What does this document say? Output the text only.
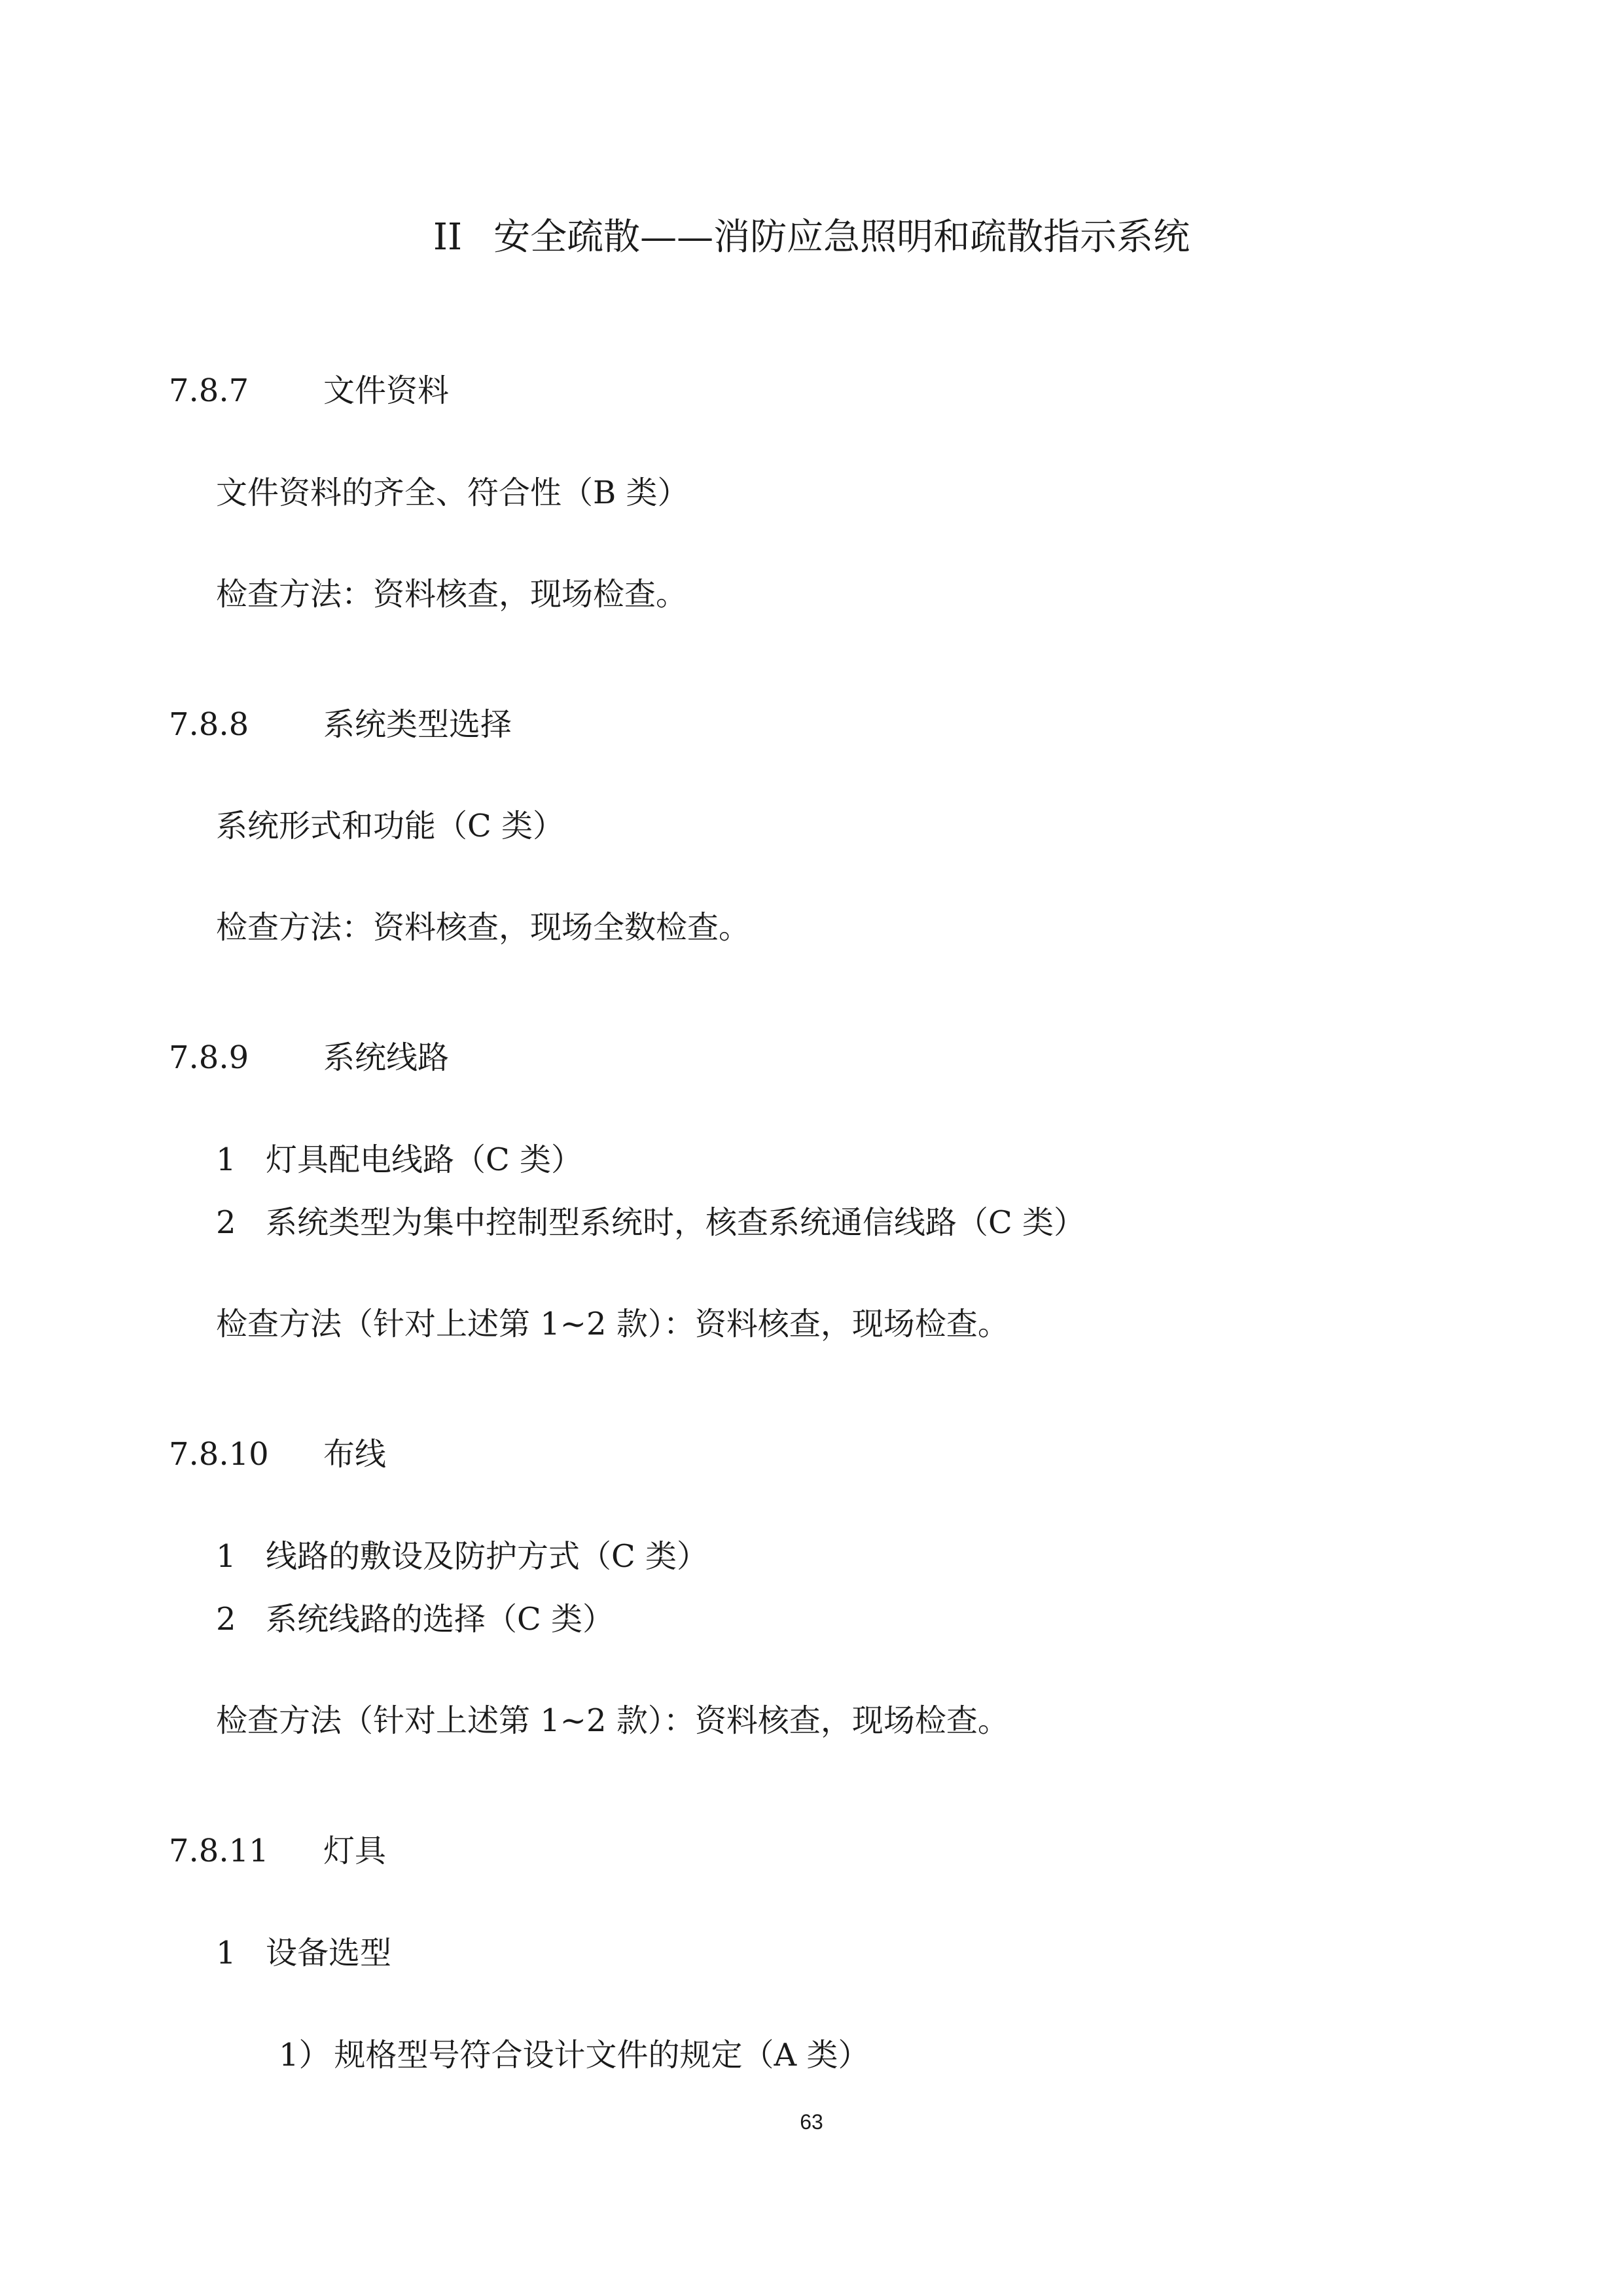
II 安全疏散——消防应急照明和疏散指示系统
7.8.7 文件资料
文件资料的齐全、符合性（B 类）
检查方法：资料核查，现场检查。
7.8.8 系统类型选择
系统形式和功能（C 类）
检查方法：资料核查，现场全数检查。
7.8.9 系统线路
1 灯具配电线路（C 类）
2 系统类型为集中控制型系统时，核查系统通信线路（C 类）
检查方法（针对上述第 1~2 款）：资料核查，现场检查。
7.8.10 布线
1 线路的敷设及防护方式（C 类）
2 系统线路的选择（C 类）
检查方法（针对上述第 1~2 款）：资料核查，现场检查。
7.8.11 灯具
1 设备选型
1） 规格型号符合设计文件的规定（A 类）
63
